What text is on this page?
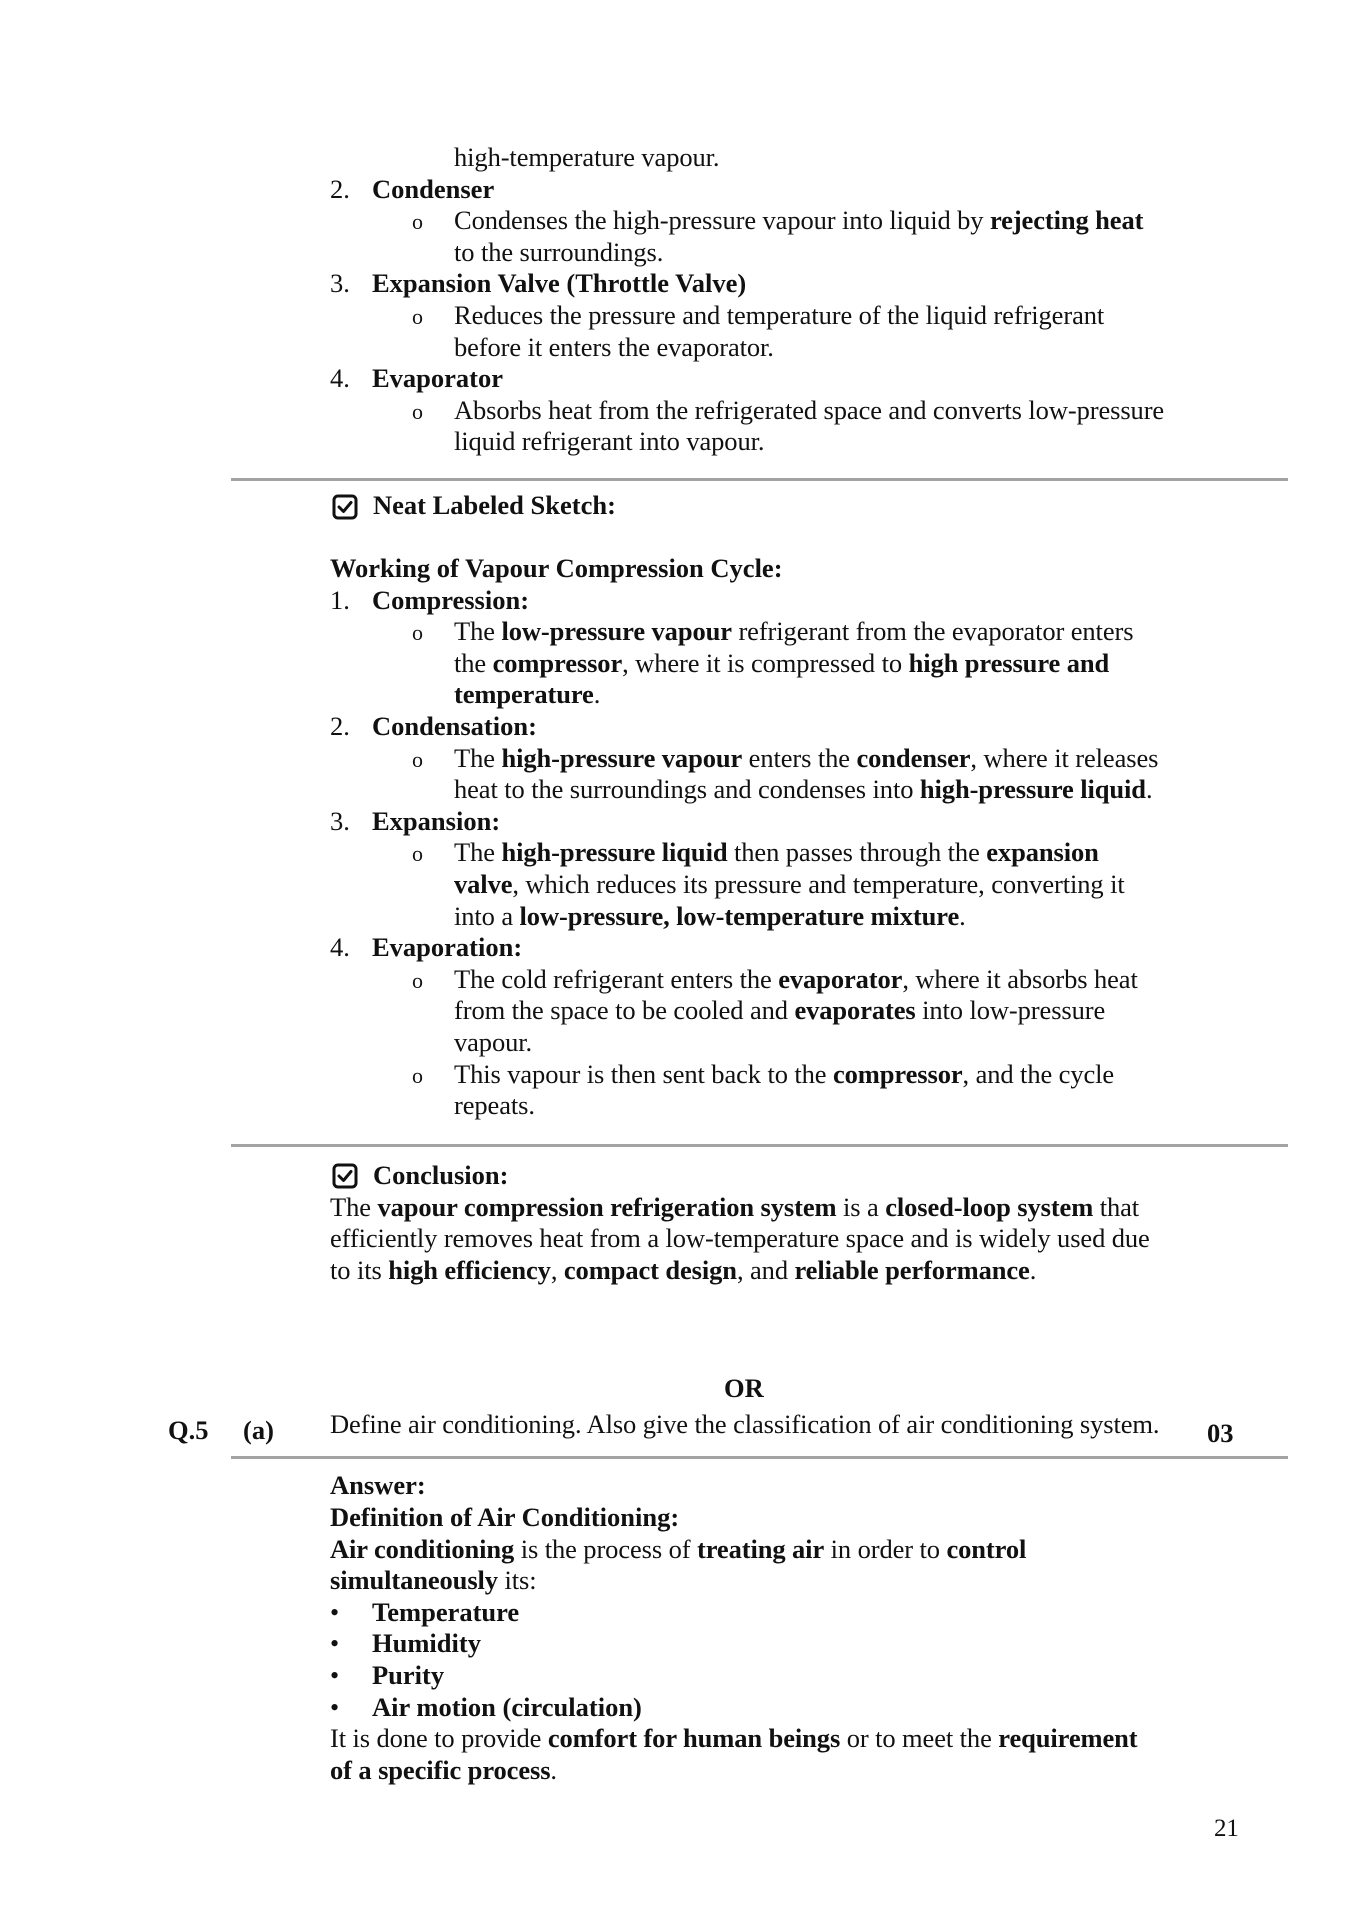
high-temperature vapour.
2. Condenser
o Condenses the high-pressure vapour into liquid by rejecting heat
to the surroundings.
3. Expansion Valve (Throttle Valve)
o Reduces the pressure and temperature of the liquid refrigerant
before it enters the evaporator.
4. Evaporator
o Absorbs heat from the refrigerated space and converts low-pressure
liquid refrigerant into vapour.
Neat Labeled Sketch:
Working of Vapour Compression Cycle:
1. Compression:
o The low-pressure vapour refrigerant from the evaporator enters
the compressor, where it is compressed to high pressure and
temperature.
2. Condensation:
o The high-pressure vapour enters the condenser, where it releases
heat to the surroundings and condenses into high-pressure liquid.
3. Expansion:
o The high-pressure liquid then passes through the expansion
valve, which reduces its pressure and temperature, converting it
into a low-pressure, low-temperature mixture.
4. Evaporation:
o The cold refrigerant enters the evaporator, where it absorbs heat
from the space to be cooled and evaporates into low-pressure
vapour.
o This vapour is then sent back to the compressor, and the cycle
repeats.
Conclusion:
The vapour compression refrigeration system is a closed-loop system that
efficiently removes heat from a low-temperature space and is widely used due
to its high efficiency, compact design, and reliable performance.
OR
Q.5 (a) Define air conditioning. Also give the classification of air conditioning system. 03
Answer:
Definition of Air Conditioning:
Air conditioning is the process of treating air in order to control
simultaneously its:
• Temperature
• Humidity
• Purity
• Air motion (circulation)
It is done to provide comfort for human beings or to meet the requirement
of a specific process.
21
